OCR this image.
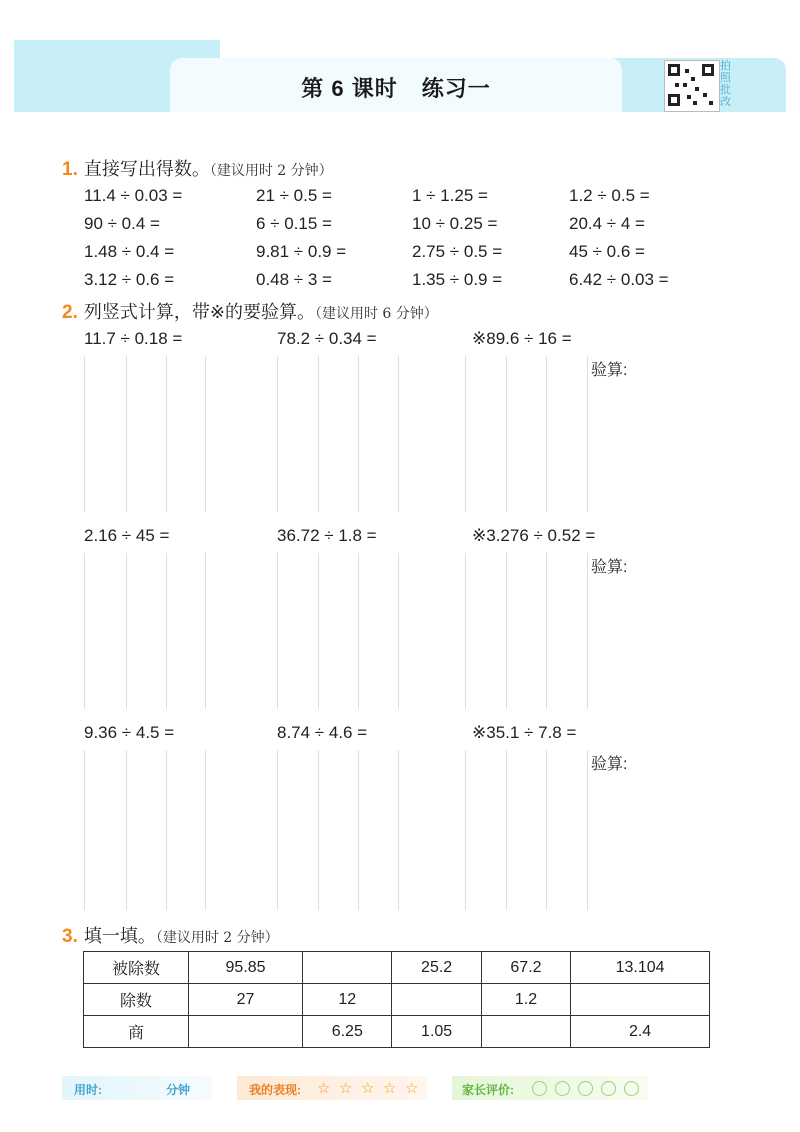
第 6 课时 练习一
拍
照
批
改
1. 直接写出得数。（建议用时 2 分钟）
11.4 ÷ 0.03 =	21 ÷ 0.5 =	1 ÷ 1.25 =	1.2 ÷ 0.5 =
90 ÷ 0.4 =	6 ÷ 0.15 =	10 ÷ 0.25 =	20.4 ÷ 4 =
1.48 ÷ 0.4 =	9.81 ÷ 0.9 =	2.75 ÷ 0.5 =	45 ÷ 0.6 =
3.12 ÷ 0.6 =	0.48 ÷ 3 =	1.35 ÷ 0.9 =	6.42 ÷ 0.03 =
2. 列竖式计算，带※的要验算。（建议用时 6 分钟）
11.7 ÷ 0.18 =	78.2 ÷ 0.34 =	※89.6 ÷ 16 =
验算:
2.16 ÷ 45 =	36.72 ÷ 1.8 =	※3.276 ÷ 0.52 =
验算:
9.36 ÷ 4.5 =	8.74 ÷ 4.6 =	※35.1 ÷ 7.8 =
验算:
3. 填一填。（建议用时 2 分钟）
被除数	95.85		25.2	67.2	13.104
除数	27	12		1.2	
商		6.25	1.05		2.4
用时:	分钟	我的表现: ☆ ☆ ☆ ☆ ☆	家长评价:
